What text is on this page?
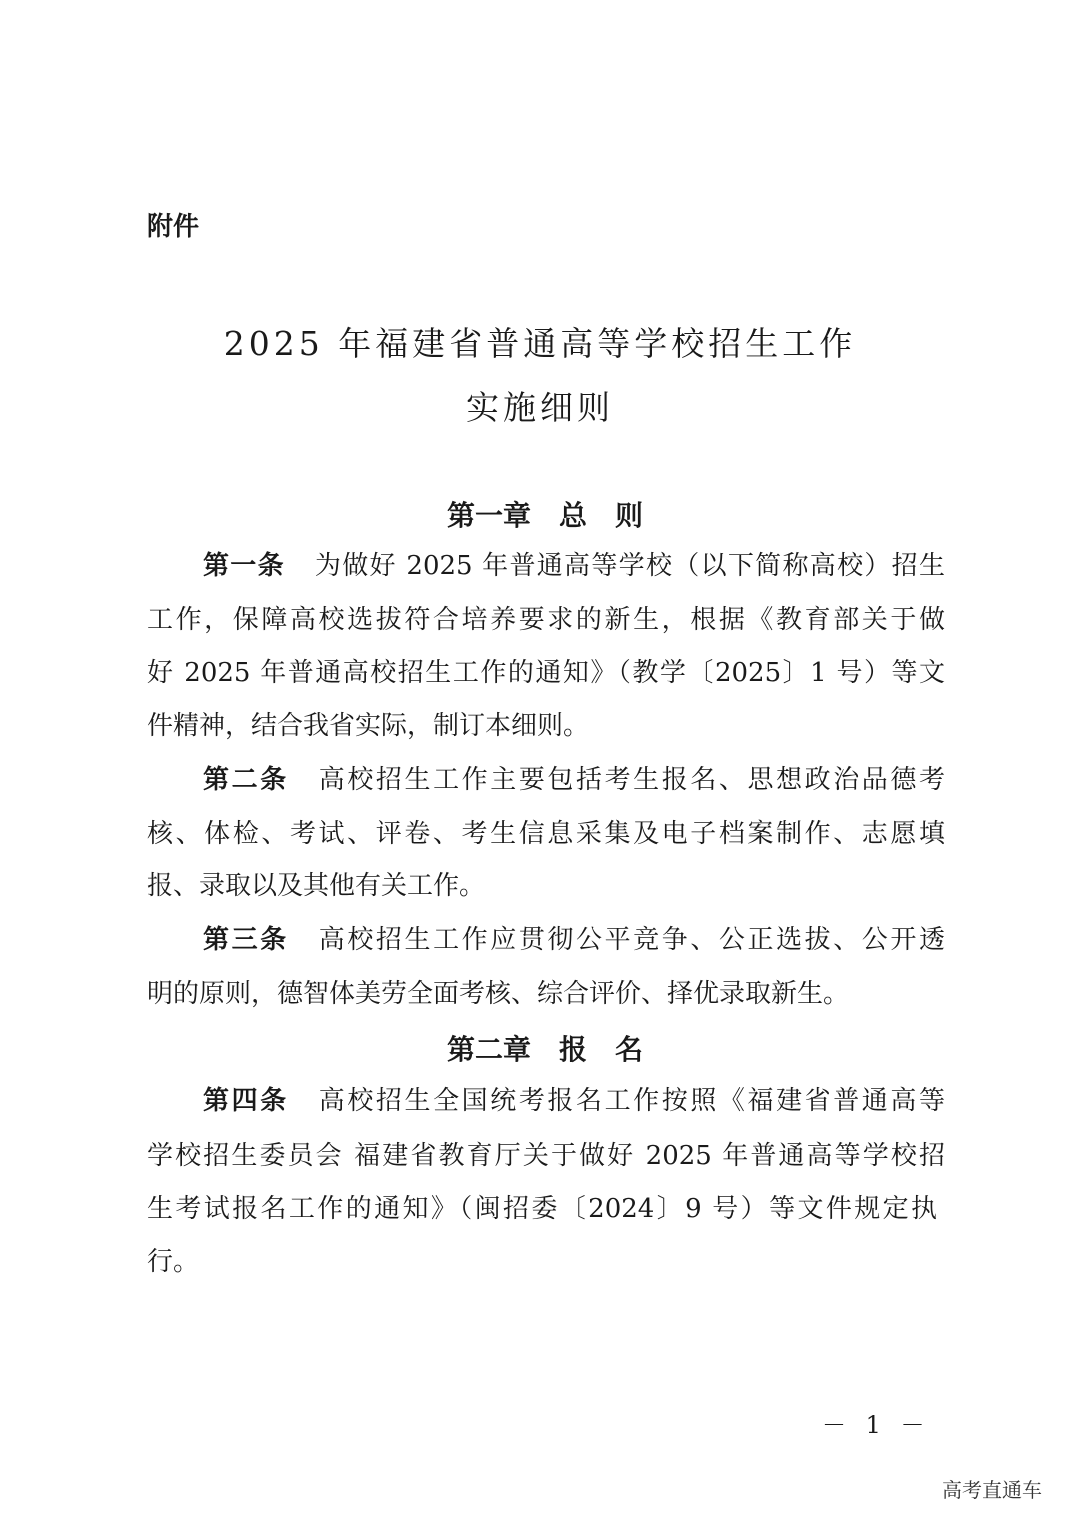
附件
2025 年福建省普通高等学校招生工作
实施细则
第一章　总　则
第一条 为做好 2025 年普通高等学校（以下简称高校）招生
工作，保障高校选拔符合培养要求的新生，根据《教育部关于做
好 2025 年普通高校招生工作的通知》（教学〔2025〕1 号）等文
件精神，结合我省实际，制订本细则。
第二条 高校招生工作主要包括考生报名、思想政治品德考
核、体检、考试、评卷、考生信息采集及电子档案制作、志愿填
报、录取以及其他有关工作。
第三条 高校招生工作应贯彻公平竞争、公正选拔、公开透
明的原则，德智体美劳全面考核、综合评价、择优录取新生。
第二章　报　名
第四条 高校招生全国统考报名工作按照《福建省普通高等
学校招生委员会 福建省教育厅关于做好 2025 年普通高等学校招
生考试报名工作的通知》（闽招委〔2024〕9 号）等文件规定执
行。
－ 1 －
高考直通车
